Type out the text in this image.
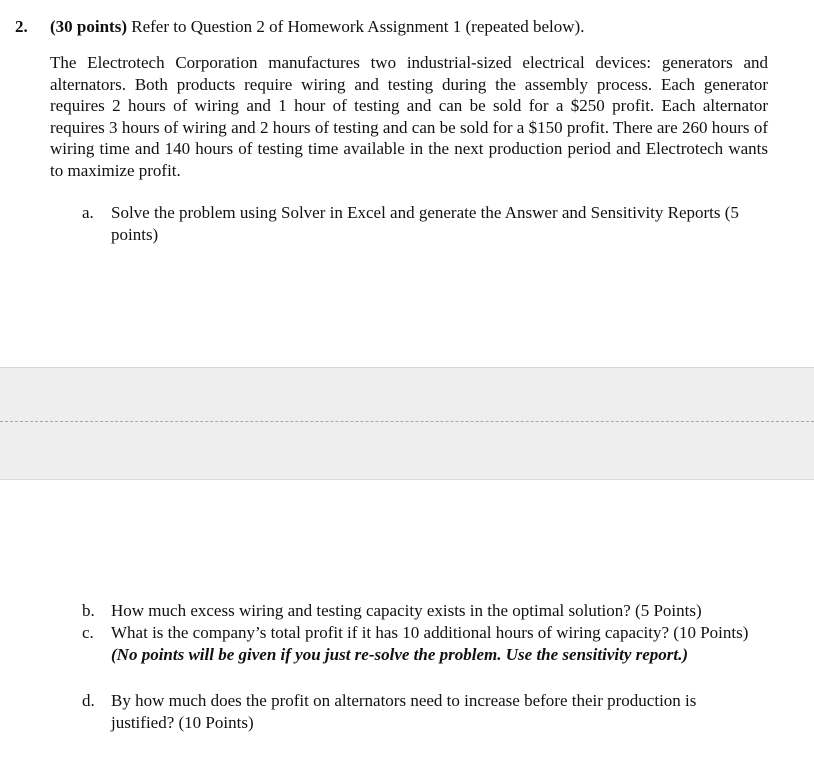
2. (30 points) Refer to Question 2 of Homework Assignment 1 (repeated below).
The Electrotech Corporation manufactures two industrial-sized electrical devices: generators and alternators. Both products require wiring and testing during the assembly process. Each generator requires 2 hours of wiring and 1 hour of testing and can be sold for a $250 profit. Each alternator requires 3 hours of wiring and 2 hours of testing and can be sold for a $150 profit. There are 260 hours of wiring time and 140 hours of testing time available in the next production period and Electrotech wants to maximize profit.
a. Solve the problem using Solver in Excel and generate the Answer and Sensitivity Reports (5 points)
b. How much excess wiring and testing capacity exists in the optimal solution? (5 Points)
c. What is the company’s total profit if it has 10 additional hours of wiring capacity? (10 Points) (No points will be given if you just re-solve the problem. Use the sensitivity report.)
d. By how much does the profit on alternators need to increase before their production is justified? (10 Points)
